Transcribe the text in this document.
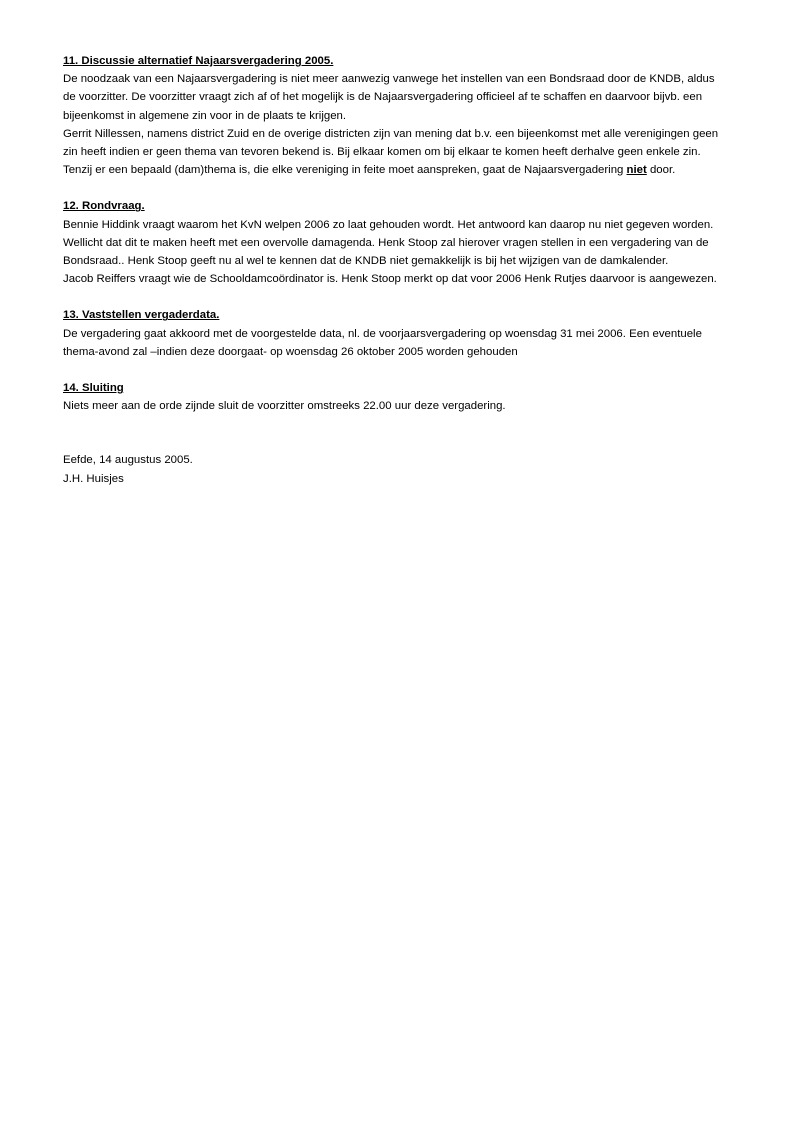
11. Discussie alternatief Najaarsvergadering 2005.

De noodzaak van een Najaarsvergadering is niet meer aanwezig vanwege het instellen van een Bondsraad door de KNDB, aldus de voorzitter. De voorzitter vraagt zich af of het mogelijk is de Najaarsvergadering officieel af te schaffen en daarvoor bijvb. een bijeenkomst in algemene zin voor in de plaats te krijgen.

Gerrit Nillessen, namens district Zuid en de overige districten zijn van mening dat b.v. een bijeenkomst met alle verenigingen geen zin heeft indien er geen thema van tevoren bekend is. Bij elkaar komen om bij elkaar te komen heeft derhalve geen enkele zin. Tenzij er een bepaald (dam)thema is, die elke vereniging in feite moet aanspreken, gaat de Najaarsvergadering niet door.

12. Rondvraag.

Bennie Hiddink vraagt waarom het KvN welpen 2006 zo laat gehouden wordt. Het antwoord kan daarop nu niet gegeven worden. Wellicht dat dit te maken heeft met een overvolle damagenda. Henk Stoop zal hierover vragen stellen in een vergadering van de Bondsraad.. Henk Stoop geeft nu al wel te kennen dat de KNDB niet gemakkelijk is bij het wijzigen van de damkalender.

Jacob Reiffers vraagt wie de Schooldamcoördinator is. Henk Stoop merkt op dat voor 2006 Henk Rutjes daarvoor is aangewezen.

13. Vaststellen vergaderdata.

De vergadering gaat akkoord met de voorgestelde data, nl. de voorjaarsvergadering op woensdag 31 mei 2006. Een eventuele thema-avond zal –indien deze doorgaat- op woensdag 26 oktober 2005 worden gehouden

14. Sluiting

Niets meer aan de orde zijnde sluit de voorzitter omstreeks 22.00 uur deze vergadering.

Eefde, 14 augustus 2005.

J.H. Huisjes
